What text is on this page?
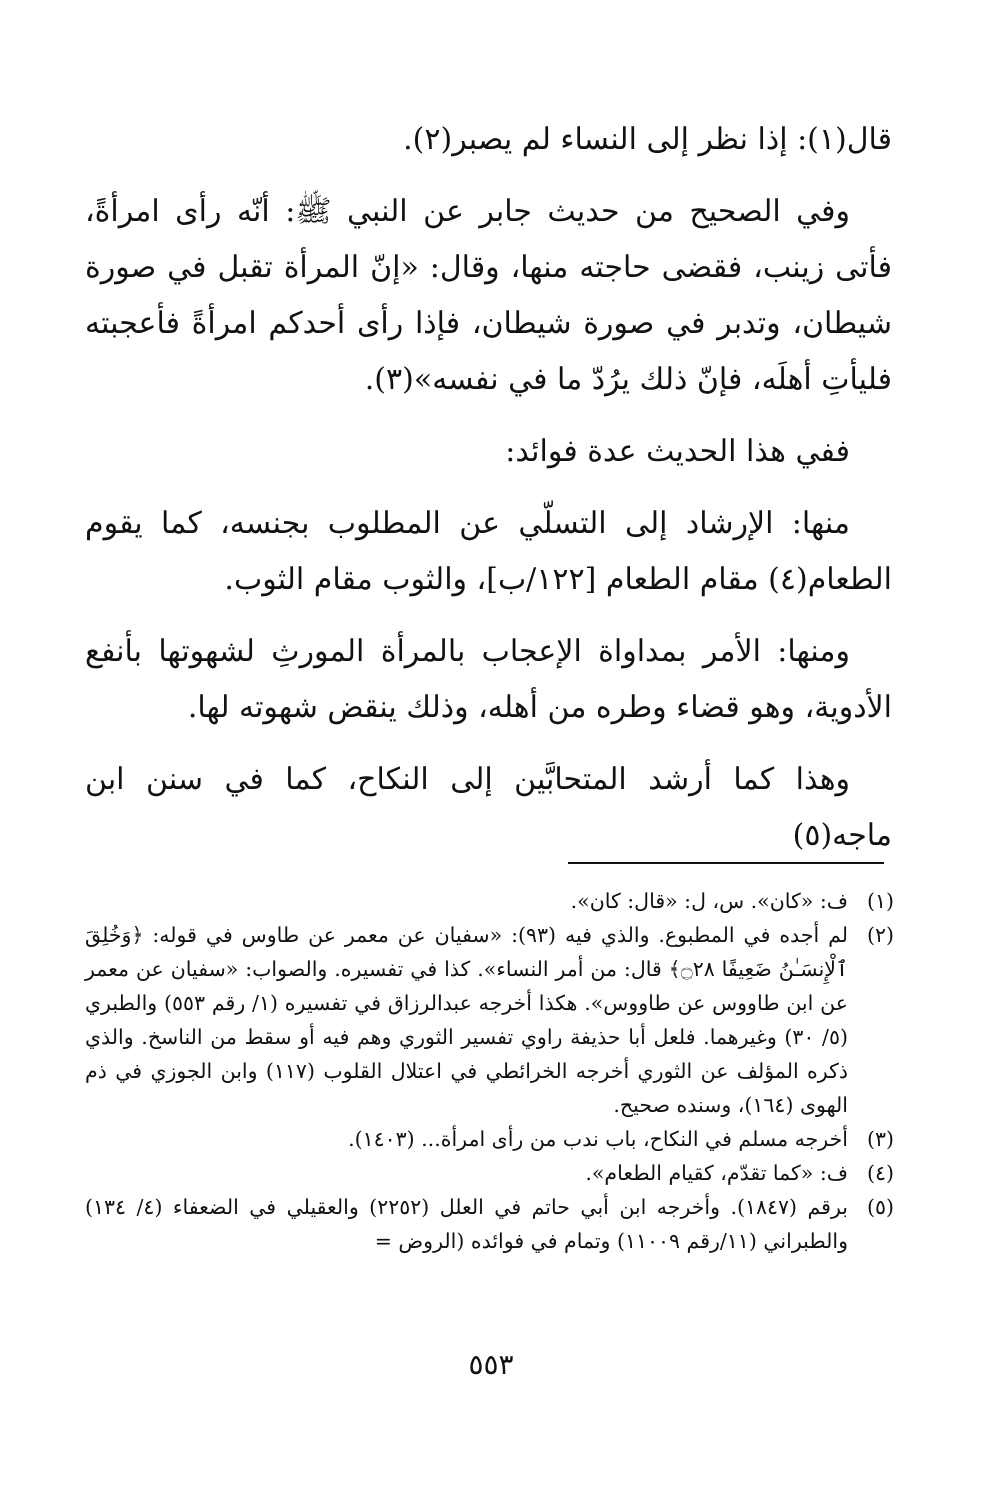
قال(١): إذا نظر إلى النساء لم يصبر(٢).

وفي الصحيح من حديث جابر عن النبي ﷺ: أنّه رأى امرأةً، فأتى زينب، فقضى حاجته منها، وقال: «إنّ المرأة تقبل في صورة شيطان، وتدبر في صورة شيطان، فإذا رأى أحدكم امرأةً فأعجبته فليأتِ أهلَه، فإنّ ذلك يرُدّ ما في نفسه»(٣).

ففي هذا الحديث عدة فوائد:

منها: الإرشاد إلى التسلّي عن المطلوب بجنسه، كما يقوم الطعام(٤) مقام الطعام [١٢٢/ب]، والثوب مقام الثوب.

ومنها: الأمر بمداواة الإعجاب بالمرأة المورثِ لشهوتها بأنفع الأدوية، وهو قضاء وطره من أهله، وذلك ينقض شهوته لها.

وهذا كما أرشد المتحابَّين إلى النكاح، كما في سنن ابن ماجه(٥)

(١)
ف: «كان». س، ل: «قال: كان».
(٢)
لم أجده في المطبوع. والذي فيه (٩٣): «سفيان عن معمر عن طاوس في قوله: ﴿وَخُلِقَ ٱلْإِنسَـٰنُ ضَعِيفًا ۝٢٨﴾ قال: من أمر النساء». كذا في تفسيره. والصواب: «سفيان عن معمر عن ابن طاووس عن طاووس». هكذا أخرجه عبدالرزاق في تفسيره (١/ رقم ٥٥٣) والطبري (٥/ ٣٠) وغيرهما. فلعل أبا حذيفة راوي تفسير الثوري وهم فيه أو سقط من الناسخ. والذي ذكره المؤلف عن الثوري أخرجه الخرائطي في اعتلال القلوب (١١٧) وابن الجوزي في ذم الهوى (١٦٤)، وسنده صحيح.
(٣)
أخرجه مسلم في النكاح، باب ندب من رأى امرأة... (١٤٠٣).
(٤)
ف: «كما تقدّم، كقيام الطعام».
(٥)
برقم (١٨٤٧). وأخرجه ابن أبي حاتم في العلل (٢٢٥٢) والعقيلي في الضعفاء (٤/ ١٣٤) والطبراني (١١/رقم ١١٠٠٩) وتمام في فوائده (الروض =
٥٥٣
